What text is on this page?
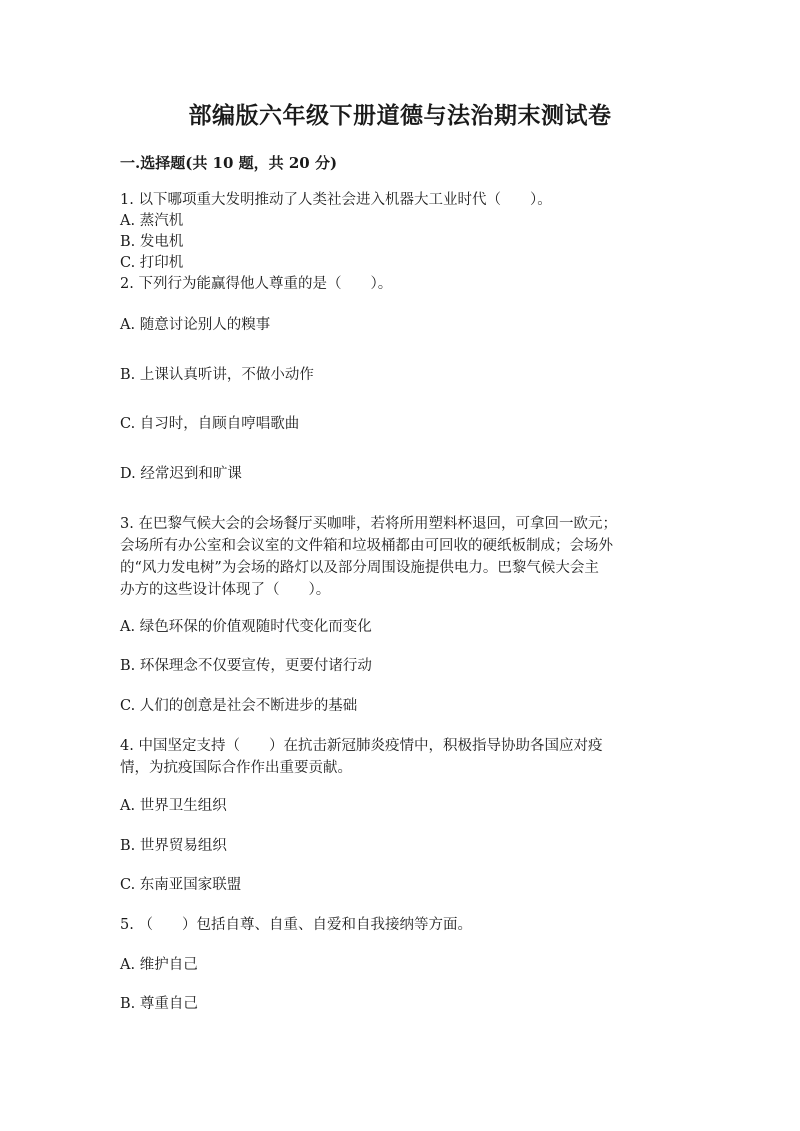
部编版六年级下册道德与法治期末测试卷
一.选择题(共 10 题，共 20 分)
1. 以下哪项重大发明推动了人类社会进入机器大工业时代（　　）。
A. 蒸汽机
B. 发电机
C. 打印机
2. 下列行为能赢得他人尊重的是（　　）。
A. 随意讨论别人的糗事
B. 上课认真听讲，不做小动作
C. 自习时，自顾自哼唱歌曲
D. 经常迟到和旷课
3. 在巴黎气候大会的会场餐厅买咖啡，若将所用塑料杯退回，可拿回一欧元；
会场所有办公室和会议室的文件箱和垃圾桶都由可回收的硬纸板制成；会场外
的“风力发电树”为会场的路灯以及部分周围设施提供电力。巴黎气候大会主
办方的这些设计体现了（　　）。
A. 绿色环保的价值观随时代变化而变化
B. 环保理念不仅要宣传，更要付诸行动
C. 人们的创意是社会不断进步的基础
4. 中国坚定支持（　　）在抗击新冠肺炎疫情中，积极指导协助各国应对疫
情，为抗疫国际合作作出重要贡献。
A. 世界卫生组织
B. 世界贸易组织
C. 东南亚国家联盟
5. （　　）包括自尊、自重、自爱和自我接纳等方面。
A. 维护自己
B. 尊重自己
